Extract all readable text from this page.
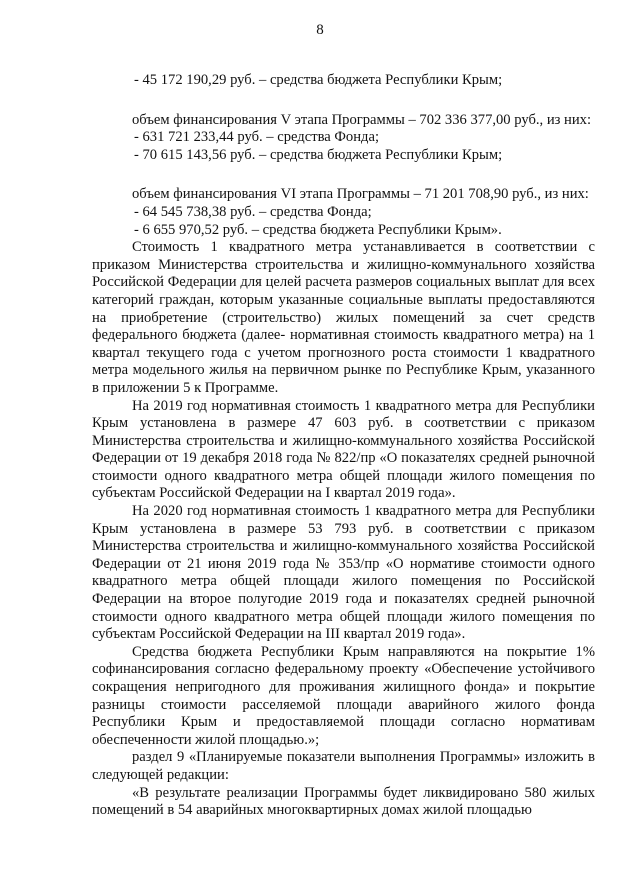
8

- 45 172 190,29 руб. – средства бюджета Республики Крым;

объем финансирования V этапа Программы – 702 336 377,00 руб., из них:

- 631 721 233,44 руб. – средства Фонда;

- 70 615 143,56 руб. – средства бюджета Республики Крым;

объем финансирования VI этапа Программы – 71 201 708,90 руб., из них:

- 64 545 738,38 руб. – средства Фонда;

- 6 655 970,52 руб. – средства бюджета Республики Крым».

Стоимость 1 квадратного метра устанавливается в соответствии с приказом Министерства строительства и жилищно-коммунального хозяйства Российской Федерации для целей расчета размеров социальных выплат для всех категорий граждан, которым указанные социальные выплаты предоставляются на приобретение (строительство) жилых помещений за счет средств федерального бюджета (далее- нормативная стоимость квадратного метра) на 1 квартал текущего года с учетом прогнозного роста стоимости 1 квадратного метра модельного жилья на первичном рынке по Республике Крым, указанного в приложении 5 к Программе.

На 2019 год нормативная стоимость 1 квадратного метра для Республики Крым установлена в размере 47 603 руб. в соответствии с приказом Министерства строительства и жилищно-коммунального хозяйства Российской Федерации от 19 декабря 2018 года № 822/пр «О показателях средней рыночной стоимости одного квадратного метра общей площади жилого помещения по субъектам Российской Федерации на I квартал 2019 года».

На 2020 год нормативная стоимость 1 квадратного метра для Республики Крым установлена в размере 53 793 руб. в соответствии с приказом Министерства строительства и жилищно-коммунального хозяйства Российской Федерации от 21 июня 2019 года № 353/пр «О нормативе стоимости одного квадратного метра общей площади жилого помещения по Российской Федерации на второе полугодие 2019 года и показателях средней рыночной стоимости одного квадратного метра общей площади жилого помещения по субъектам Российской Федерации на III квартал 2019 года».

Средства бюджета Республики Крым направляются на покрытие 1% софинансирования согласно федеральному проекту «Обеспечение устойчивого сокращения непригодного для проживания жилищного фонда» и покрытие разницы стоимости расселяемой площади аварийного жилого фонда Республики Крым и предоставляемой площади согласно нормативам обеспеченности жилой площадью.»;

раздел 9 «Планируемые показатели выполнения Программы» изложить в следующей редакции:

«В результате реализации Программы будет ликвидировано 580 жилых помещений в 54 аварийных многоквартирных домах жилой площадью
